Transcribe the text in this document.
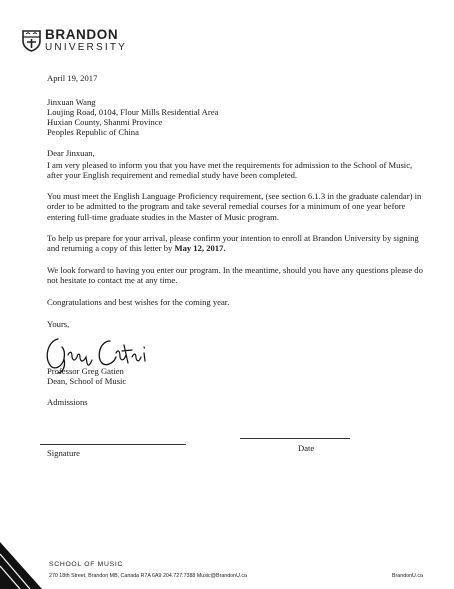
BRANDON
UNIVERSITY
April 19, 2017
Jinxuan Wang
Loujing Road, 0104, Flour Mills Residential Area
Huxian County, Shanmi Province
Peoples Republic of China
Dear Jinxuan,
I am very pleased to inform you that you have met the requirements for admission to the School of Music, after your English requirement and remedial study have been completed.
You must meet the English Language Proficiency requirement, (see section 6.1.3 in the graduate calendar) in order to be admitted to the program and take several remedial courses for a minimum of one year before entering full-time graduate studies in the Master of Music program.
To help us prepare for your arrival, please confirm your intention to enroll at Brandon University by signing and returning a copy of this letter by May 12, 2017.
We look forward to having you enter our program. In the meantime, should you have any questions please do not hesitate to contact me at any time.
Congratulations and best wishes for the coming year.
Yours,
Professor Greg Gatien
Dean, School of Music
Admissions
Signature	Date
SCHOOL OF MUSIC
270 18th Street, Brandon MB, Canada R7A 6A9 204.727.7388 Music@BrandonU.ca	BrandonU.ca
